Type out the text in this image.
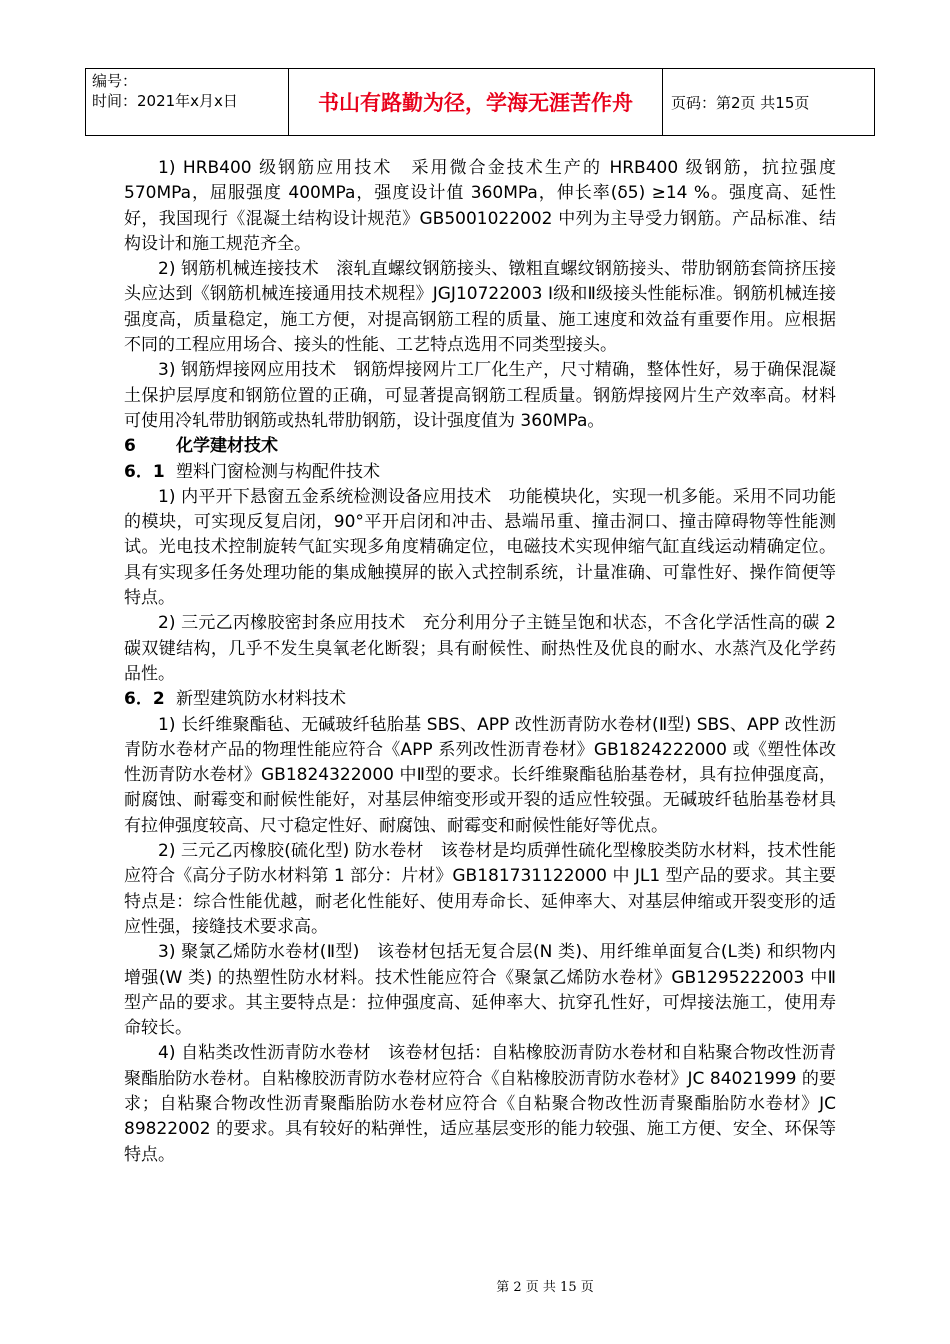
编号：
时间：2021年x月x日	书山有路勤为径，学海无涯苦作舟	页码：第2页 共15页

1) HRB400 级钢筋应用技术　采用微合金技术生产的 HRB400 级钢筋，抗拉强度 570MPa，屈服强度 400MPa，强度设计值 360MPa，伸长率(δ5) ≥14 %。强度高、延性好，我国现行《混凝土结构设计规范》GB5001022002 中列为主导受力钢筋。产品标准、结构设计和施工规范齐全。

2) 钢筋机械连接技术　滚轧直螺纹钢筋接头、镦粗直螺纹钢筋接头、带肋钢筋套筒挤压接头应达到《钢筋机械连接通用技术规程》JGJ10722003 Ⅰ级和Ⅱ级接头性能标准。钢筋机械连接强度高，质量稳定，施工方便，对提高钢筋工程的质量、施工速度和效益有重要作用。应根据不同的工程应用场合、接头的性能、工艺特点选用不同类型接头。

3) 钢筋焊接网应用技术　钢筋焊接网片工厂化生产，尺寸精确，整体性好，易于确保混凝土保护层厚度和钢筋位置的正确，可显著提高钢筋工程质量。钢筋焊接网片生产效率高。材料可使用冷轧带肋钢筋或热轧带肋钢筋，设计强度值为 360MPa。

6 化学建材技术
6．1 塑料门窗检测与构配件技术

1) 内平开下悬窗五金系统检测设备应用技术　功能模块化，实现一机多能。采用不同功能的模块，可实现反复启闭，90°平开启闭和冲击、悬端吊重、撞击洞口、撞击障碍物等性能测试。光电技术控制旋转气缸实现多角度精确定位，电磁技术实现伸缩气缸直线运动精确定位。具有实现多任务处理功能的集成触摸屏的嵌入式控制系统，计量准确、可靠性好、操作简便等特点。

2) 三元乙丙橡胶密封条应用技术　充分利用分子主链呈饱和状态，不含化学活性高的碳 2 碳双键结构，几乎不发生臭氧老化断裂；具有耐候性、耐热性及优良的耐水、水蒸汽及化学药品性。

6．2 新型建筑防水材料技术

1) 长纤维聚酯毡、无碱玻纤毡胎基 SBS、APP 改性沥青防水卷材(Ⅱ型) SBS、APP 改性沥青防水卷材产品的物理性能应符合《APP 系列改性沥青卷材》GB1824222000 或《塑性体改性沥青防水卷材》GB1824322000 中Ⅱ型的要求。长纤维聚酯毡胎基卷材，具有拉伸强度高，耐腐蚀、耐霉变和耐候性能好，对基层伸缩变形或开裂的适应性较强。无碱玻纤毡胎基卷材具有拉伸强度较高、尺寸稳定性好、耐腐蚀、耐霉变和耐候性能好等优点。

2) 三元乙丙橡胶(硫化型) 防水卷材　该卷材是均质弹性硫化型橡胶类防水材料，技术性能应符合《高分子防水材料第 1 部分：片材》GB181731122000 中 JL1 型产品的要求。其主要特点是：综合性能优越，耐老化性能好、使用寿命长、延伸率大、对基层伸缩或开裂变形的适应性强，接缝技术要求高。

3) 聚氯乙烯防水卷材(Ⅱ型)　该卷材包括无复合层(N 类)、用纤维单面复合(L类) 和织物内增强(W 类) 的热塑性防水材料。技术性能应符合《聚氯乙烯防水卷材》GB1295222003 中Ⅱ型产品的要求。其主要特点是：拉伸强度高、延伸率大、抗穿孔性好，可焊接法施工，使用寿命较长。

4) 自粘类改性沥青防水卷材　该卷材包括：自粘橡胶沥青防水卷材和自粘聚合物改性沥青聚酯胎防水卷材。自粘橡胶沥青防水卷材应符合《自粘橡胶沥青防水卷材》JC 84021999 的要求；自粘聚合物改性沥青聚酯胎防水卷材应符合《自粘聚合物改性沥青聚酯胎防水卷材》JC 89822002 的要求。具有较好的粘弹性，适应基层变形的能力较强、施工方便、安全、环保等特点。

第 2 页 共 15 页
